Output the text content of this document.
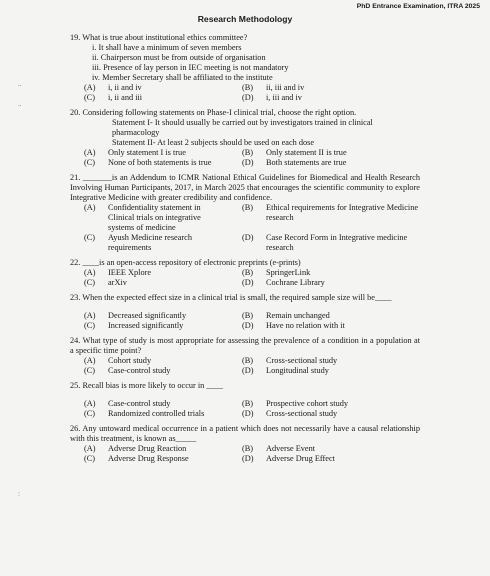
PhD Entrance Examination, ITRA 2025
Research Methodology
..
..
:
19. What is true about institutional ethics committee?
i. It shall have a minimum of seven members
ii. Chairperson must be from outside of organisation
iii. Presence of lay person in IEC meeting is not mandatory
iv. Member Secretary shall be affiliated to the institute
(A)	i, ii and iv	(B)	ii, iii and iv
(C)	i, ii and iii	(D)	i, iii and iv
20. Considering following statements on Phase-I clinical trial, choose the right option.
Statement I- It should usually be carried out by investigators trained in clinical
pharmacology
Statement II- At least 2 subjects should be used on each dose
(A)	Only statement I is true	(B)	Only statement II is true
(C)	None of both statements is true	(D)	Both statements are true
21. _______is an Addendum to ICMR National Ethical Guidelines for Biomedical and Health Research Involving Human Participants, 2017, in March 2025 that encourages the scientific community to explore Integrative Medicine with greater credibility and confidence.
(A)	Confidentiality statement in Clinical trials on integrative systems of medicine
(B)	Ethical requirements for Integrative Medicine research
(C)	Ayush Medicine research requirements
(D)	Case Record Form in Integrative medicine research
22. ____is an open-access repository of electronic preprints (e-prints)
(A)	IEEE Xplore	(B)	SpringerLink
(C)	arXiv	(D)	Cochrane Library
23. When the expected effect size in a clinical trial is small, the required sample size will be____
(A)	Decreased significantly	(B)	Remain unchanged
(C)	Increased significantly	(D)	Have no relation with it
24. What type of study is most appropriate for assessing the prevalence of a condition in a population at a specific time point?
(A)	Cohort study	(B)	Cross-sectional study
(C)	Case-control study	(D)	Longitudinal study
25. Recall bias is more likely to occur in ____
(A)	Case-control study	(B)	Prospective cohort study
(C)	Randomized controlled trials	(D)	Cross-sectional study
26. Any untoward medical occurrence in a patient which does not necessarily have a causal relationship with this treatment, is known as_____
(A)	Adverse Drug Reaction	(B)	Adverse Event
(C)	Adverse Drug Response	(D)	Adverse Drug Effect
